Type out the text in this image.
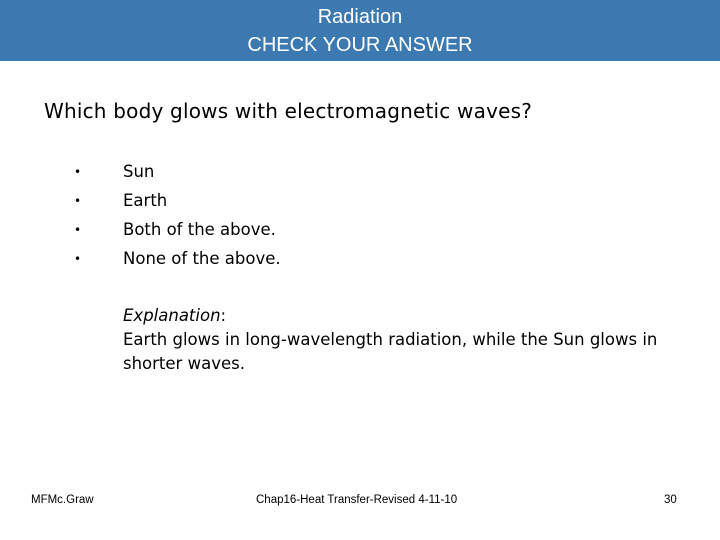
Radiation
CHECK YOUR ANSWER
Which body glows with electromagnetic waves?
•	Sun
•	Earth
•	Both of the above.
•	None of the above.
Explanation:
Earth glows in long-wavelength radiation, while the Sun glows in shorter waves.
MFMc.Graw	Chap16-Heat Transfer-Revised 4-11-10	30
